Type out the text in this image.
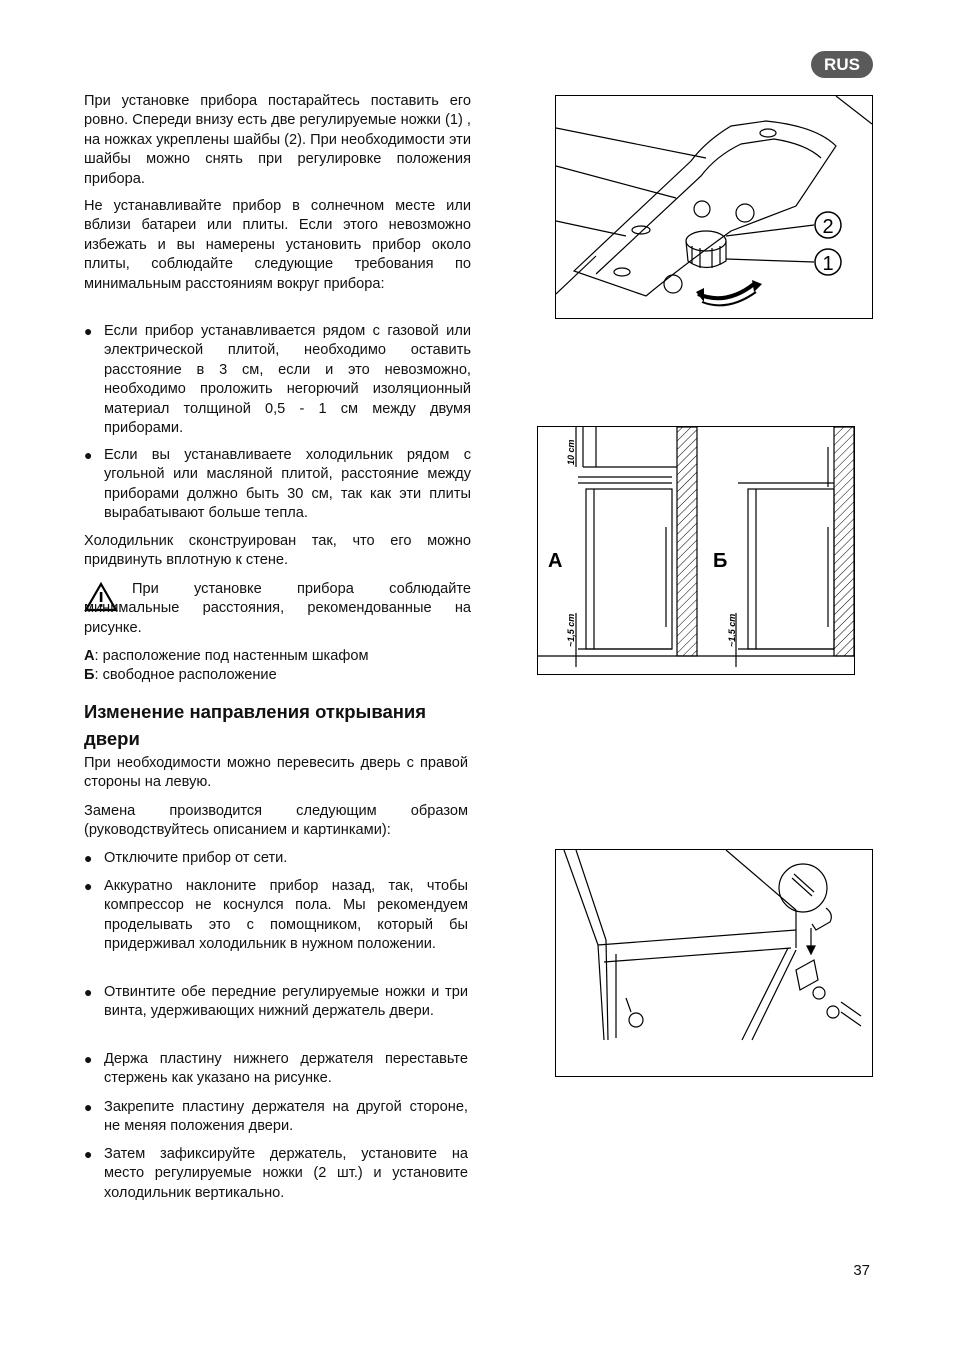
RUS

При установке прибора постарайтесь поставить его ровно. Спереди внизу есть две регулируемые ножки (1) , на ножках укреплены шайбы (2). При необходимости эти шайбы можно снять при регулировке положения прибора.

Не устанавливайте прибор в солнечном месте или вблизи батареи или плиты. Если этого невозможно избежать и вы намерены установить прибор около плиты, соблюдайте следующие требования по минимальным расстояниям вокруг прибора:

● Если прибор устанавливается рядом с газовой или электрической плитой, необходимо оставить расстояние в 3 см, если и это невозможно, необходимо проложить негорючий изоляционный материал толщиной 0,5 - 1 см между двумя приборами.

● Если вы устанавливаете холодильник рядом с угольной или масляной плитой, расстояние между приборами должно быть 30 см, так как эти плиты вырабатывают больше тепла.

Холодильник сконструирован так, что его можно придвинуть вплотную к стене.

При установке прибора соблюдайте минимальные расстояния, рекомендованные на рисунке.

А: расположение под настенным шкафом
Б: свободное расположение
Изменение направления открывания
двери

При необходимости можно перевесить дверь с правой стороны на левую.

Замена производится следующим образом (руководствуйтесь описанием и картинками):

● Отключите прибор от сети.

● Аккуратно наклоните прибор назад, так, чтобы компрессор не коснулся пола. Мы рекомендуем проделывать это с помощником, который бы придерживал холодильник в нужном положении.

● Отвинтите обе передние регулируемые ножки и три винта, удерживающих нижний держатель двери.

● Держа пластину нижнего держателя переставьте стержень как указано на рисунке.

● Закрепите пластину держателя на другой стороне, не меняя положения двери.

● Затем зафиксируйте держатель, установите на место регулируемые ножки (2 шт.) и установите холодильник вертикально.

2
1
А	Б
10 cm
~1,5 cm	~1,5 cm
37
